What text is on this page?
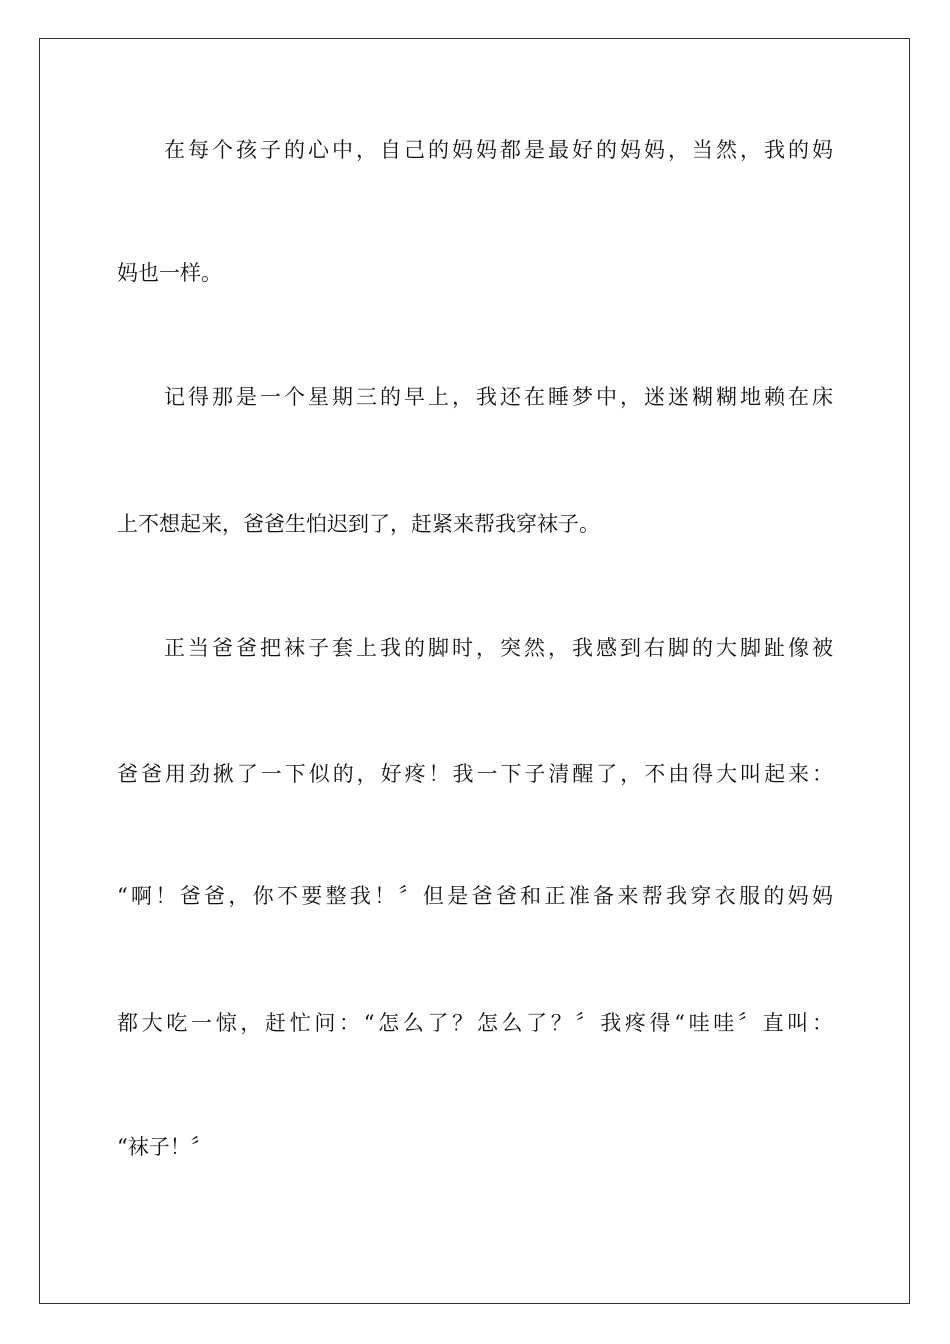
在每个孩子的心中，自己的妈妈都是最好的妈妈，当然，我的妈

妈也一样。

记得那是一个星期三的早上，我还在睡梦中，迷迷糊糊地赖在床

上不想起来，爸爸生怕迟到了，赶紧来帮我穿袜子。

正当爸爸把袜子套上我的脚时，突然，我感到右脚的大脚趾像被

爸爸用劲揪了一下似的，好疼！我一下子清醒了，不由得大叫起来：

“啊！爸爸，你不要整我！〞但是爸爸和正准备来帮我穿衣服的妈妈

都大吃一惊，赶忙问：“怎么了？怎么了？〞我疼得“哇哇〞直叫：

“袜子！〞
